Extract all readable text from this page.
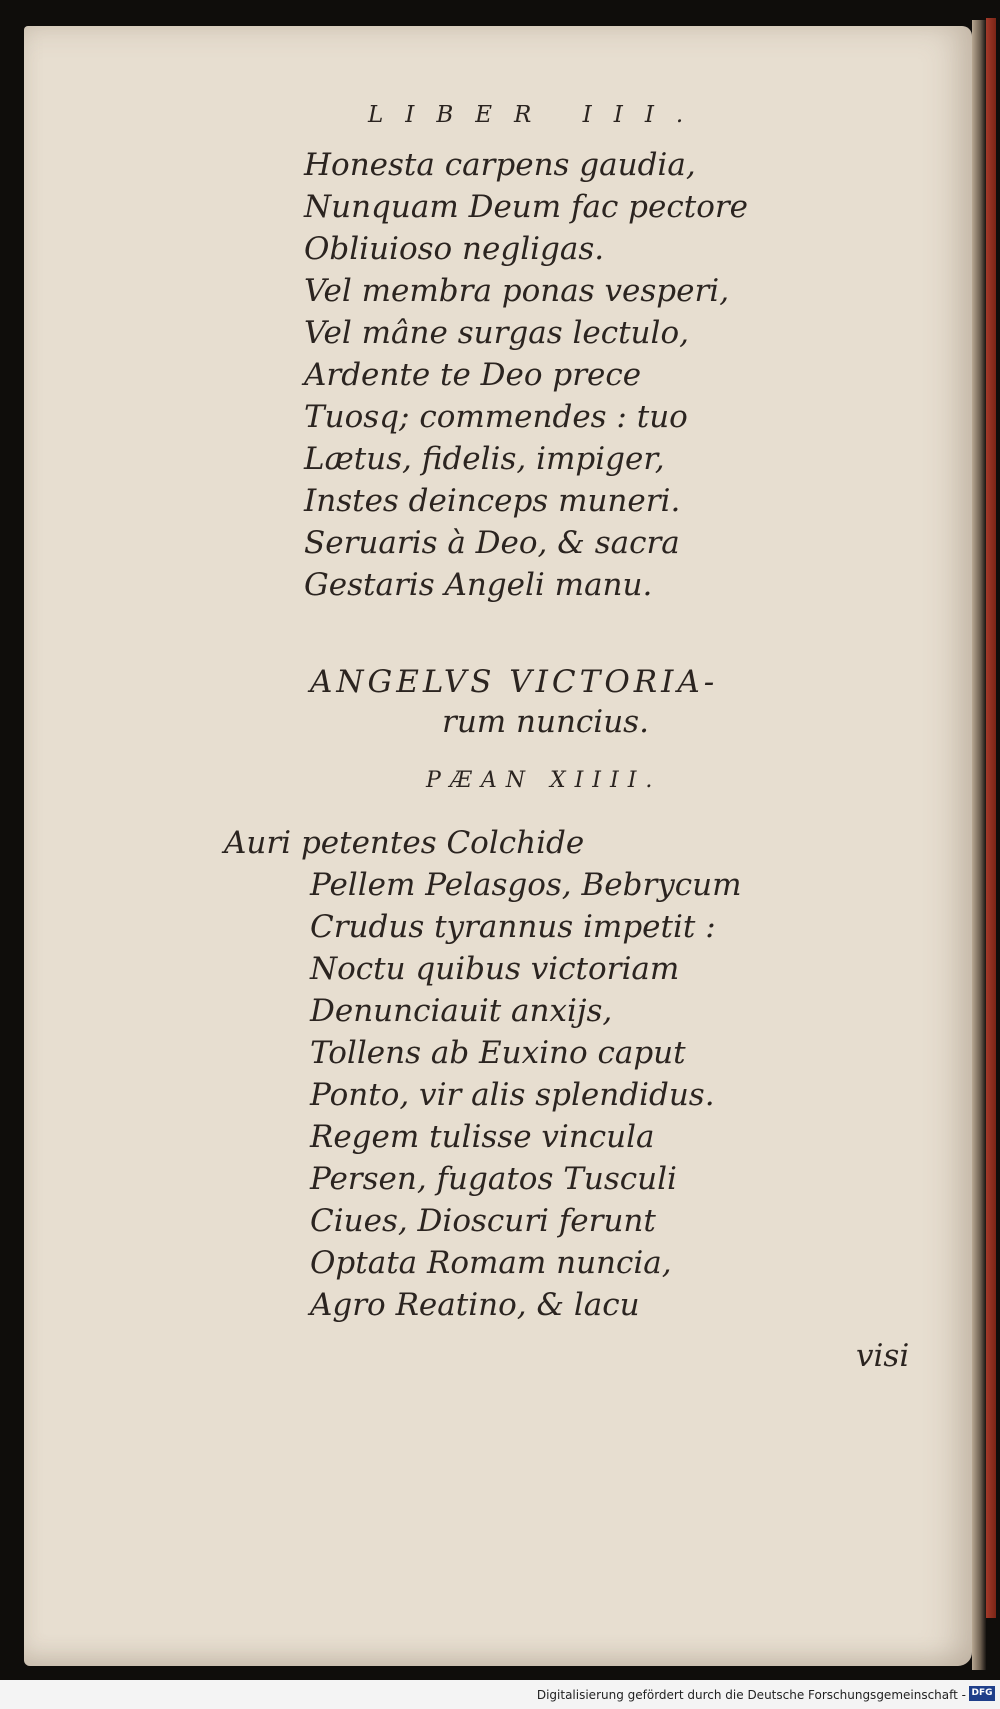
LIBER III.
Honesta carpens gaudia,
Nunquam Deum fac pectore
Obliuioso negligas.
Vel membra ponas vesperi,
Vel mâne surgas lectulo,
Ardente te Deo prece
Tuosq; commendes : tuo
Lætus, fidelis, impiger,
Instes deinceps muneri.
Seruaris à Deo, & sacra
Gestaris Angeli manu.
ANGELVS VICTORIA-
rum nuncius.
PÆAN XIIII.
Auri petentes Colchide
Pellem Pelasgos, Bebrycum
Crudus tyrannus impetit :
Noctu quibus victoriam
Denunciauit anxijs,
Tollens ab Euxino caput
Ponto, vir alis splendidus.
Regem tulisse vincula
Persen, fugatos Tusculi
Ciues, Dioscuri ferunt
Optata Romam nuncia,
Agro Reatino, & lacu
visi
Digitalisierung gefördert durch die Deutsche Forschungsgemeinschaft - DFG
